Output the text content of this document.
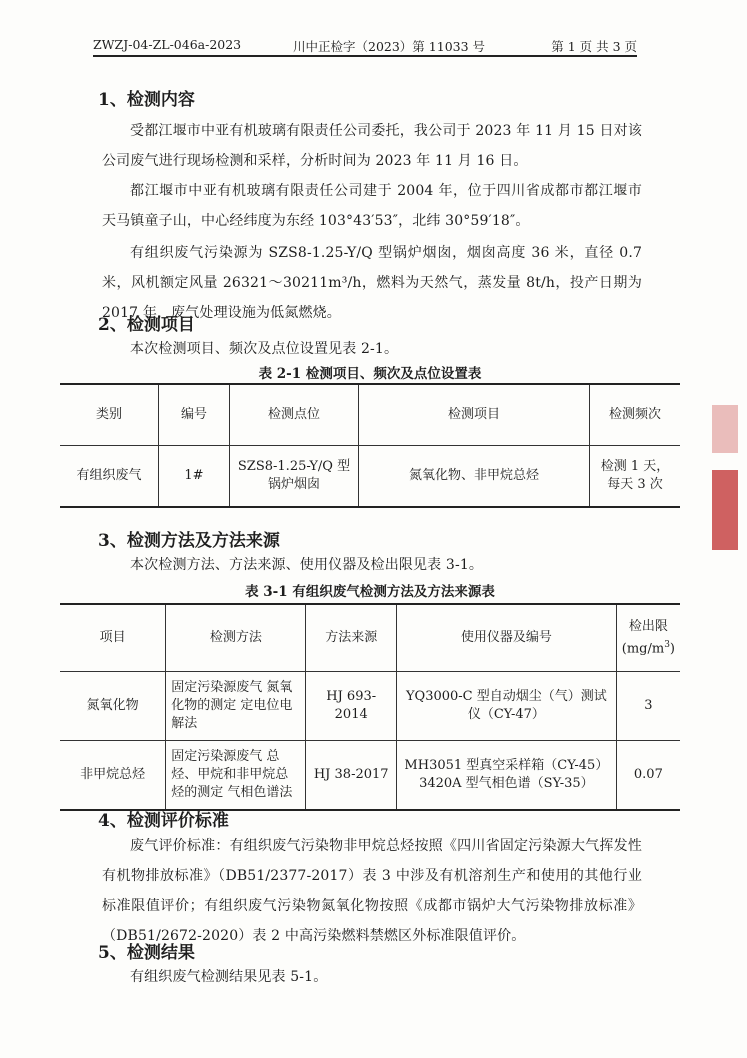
ZWZJ-04-ZL-046a-2023	川中正检字（2023）第 11033 号	第 1 页 共 3 页
1、检测内容

受都江堰市中亚有机玻璃有限责任公司委托，我公司于 2023 年 11 月 15 日对该公司废气进行现场检测和采样，分析时间为 2023 年 11 月 16 日。

都江堰市中亚有机玻璃有限责任公司建于 2004 年，位于四川省成都市都江堰市天马镇童子山，中心经纬度为东经 103°43′53″，北纬 30°59′18″。

有组织废气污染源为 SZS8-1.25-Y/Q 型锅炉烟囱，烟囱高度 36 米，直径 0.7 米，风机额定风量 26321～30211m³/h，燃料为天然气，蒸发量 8t/h，投产日期为 2017 年，废气处理设施为低氮燃烧。

2、检测项目

本次检测项目、频次及点位设置见表 2-1。

表 2-1 检测项目、频次及点位设置表
类别	编号	检测点位	检测项目	检测频次
有组织废气	1#	SZS8-1.25-Y/Q 型锅炉烟囱	氮氧化物、非甲烷总烃	检测 1 天，每天 3 次
3、检测方法及方法来源

本次检测方法、方法来源、使用仪器及检出限见表 3-1。

表 3-1 有组织废气检测方法及方法来源表
项目	检测方法	方法来源	使用仪器及编号	检出限
$(mg/m^3)$
氮氧化物	固定污染源废气 氮氧化物的测定 定电位电解法	HJ 693-2014	YQ3000-C 型自动烟尘（气）测试仪（CY-47）	3
非甲烷总烃	固定污染源废气 总烃、甲烷和非甲烷总烃的测定 气相色谱法	HJ 38-2017	MH3051 型真空采样箱（CY-45）
3420A 型气相色谱（SY-35）	0.07
4、检测评价标准

废气评价标准：有组织废气污染物非甲烷总烃按照《四川省固定污染源大气挥发性有机物排放标准》（DB51/2377-2017）表 3 中涉及有机溶剂生产和使用的其他行业标准限值评价；有组织废气污染物氮氧化物按照《成都市锅炉大气污染物排放标准》（DB51/2672-2020）表 2 中高污染燃料禁燃区外标准限值评价。

5、检测结果

有组织废气检测结果见表 5-1。
